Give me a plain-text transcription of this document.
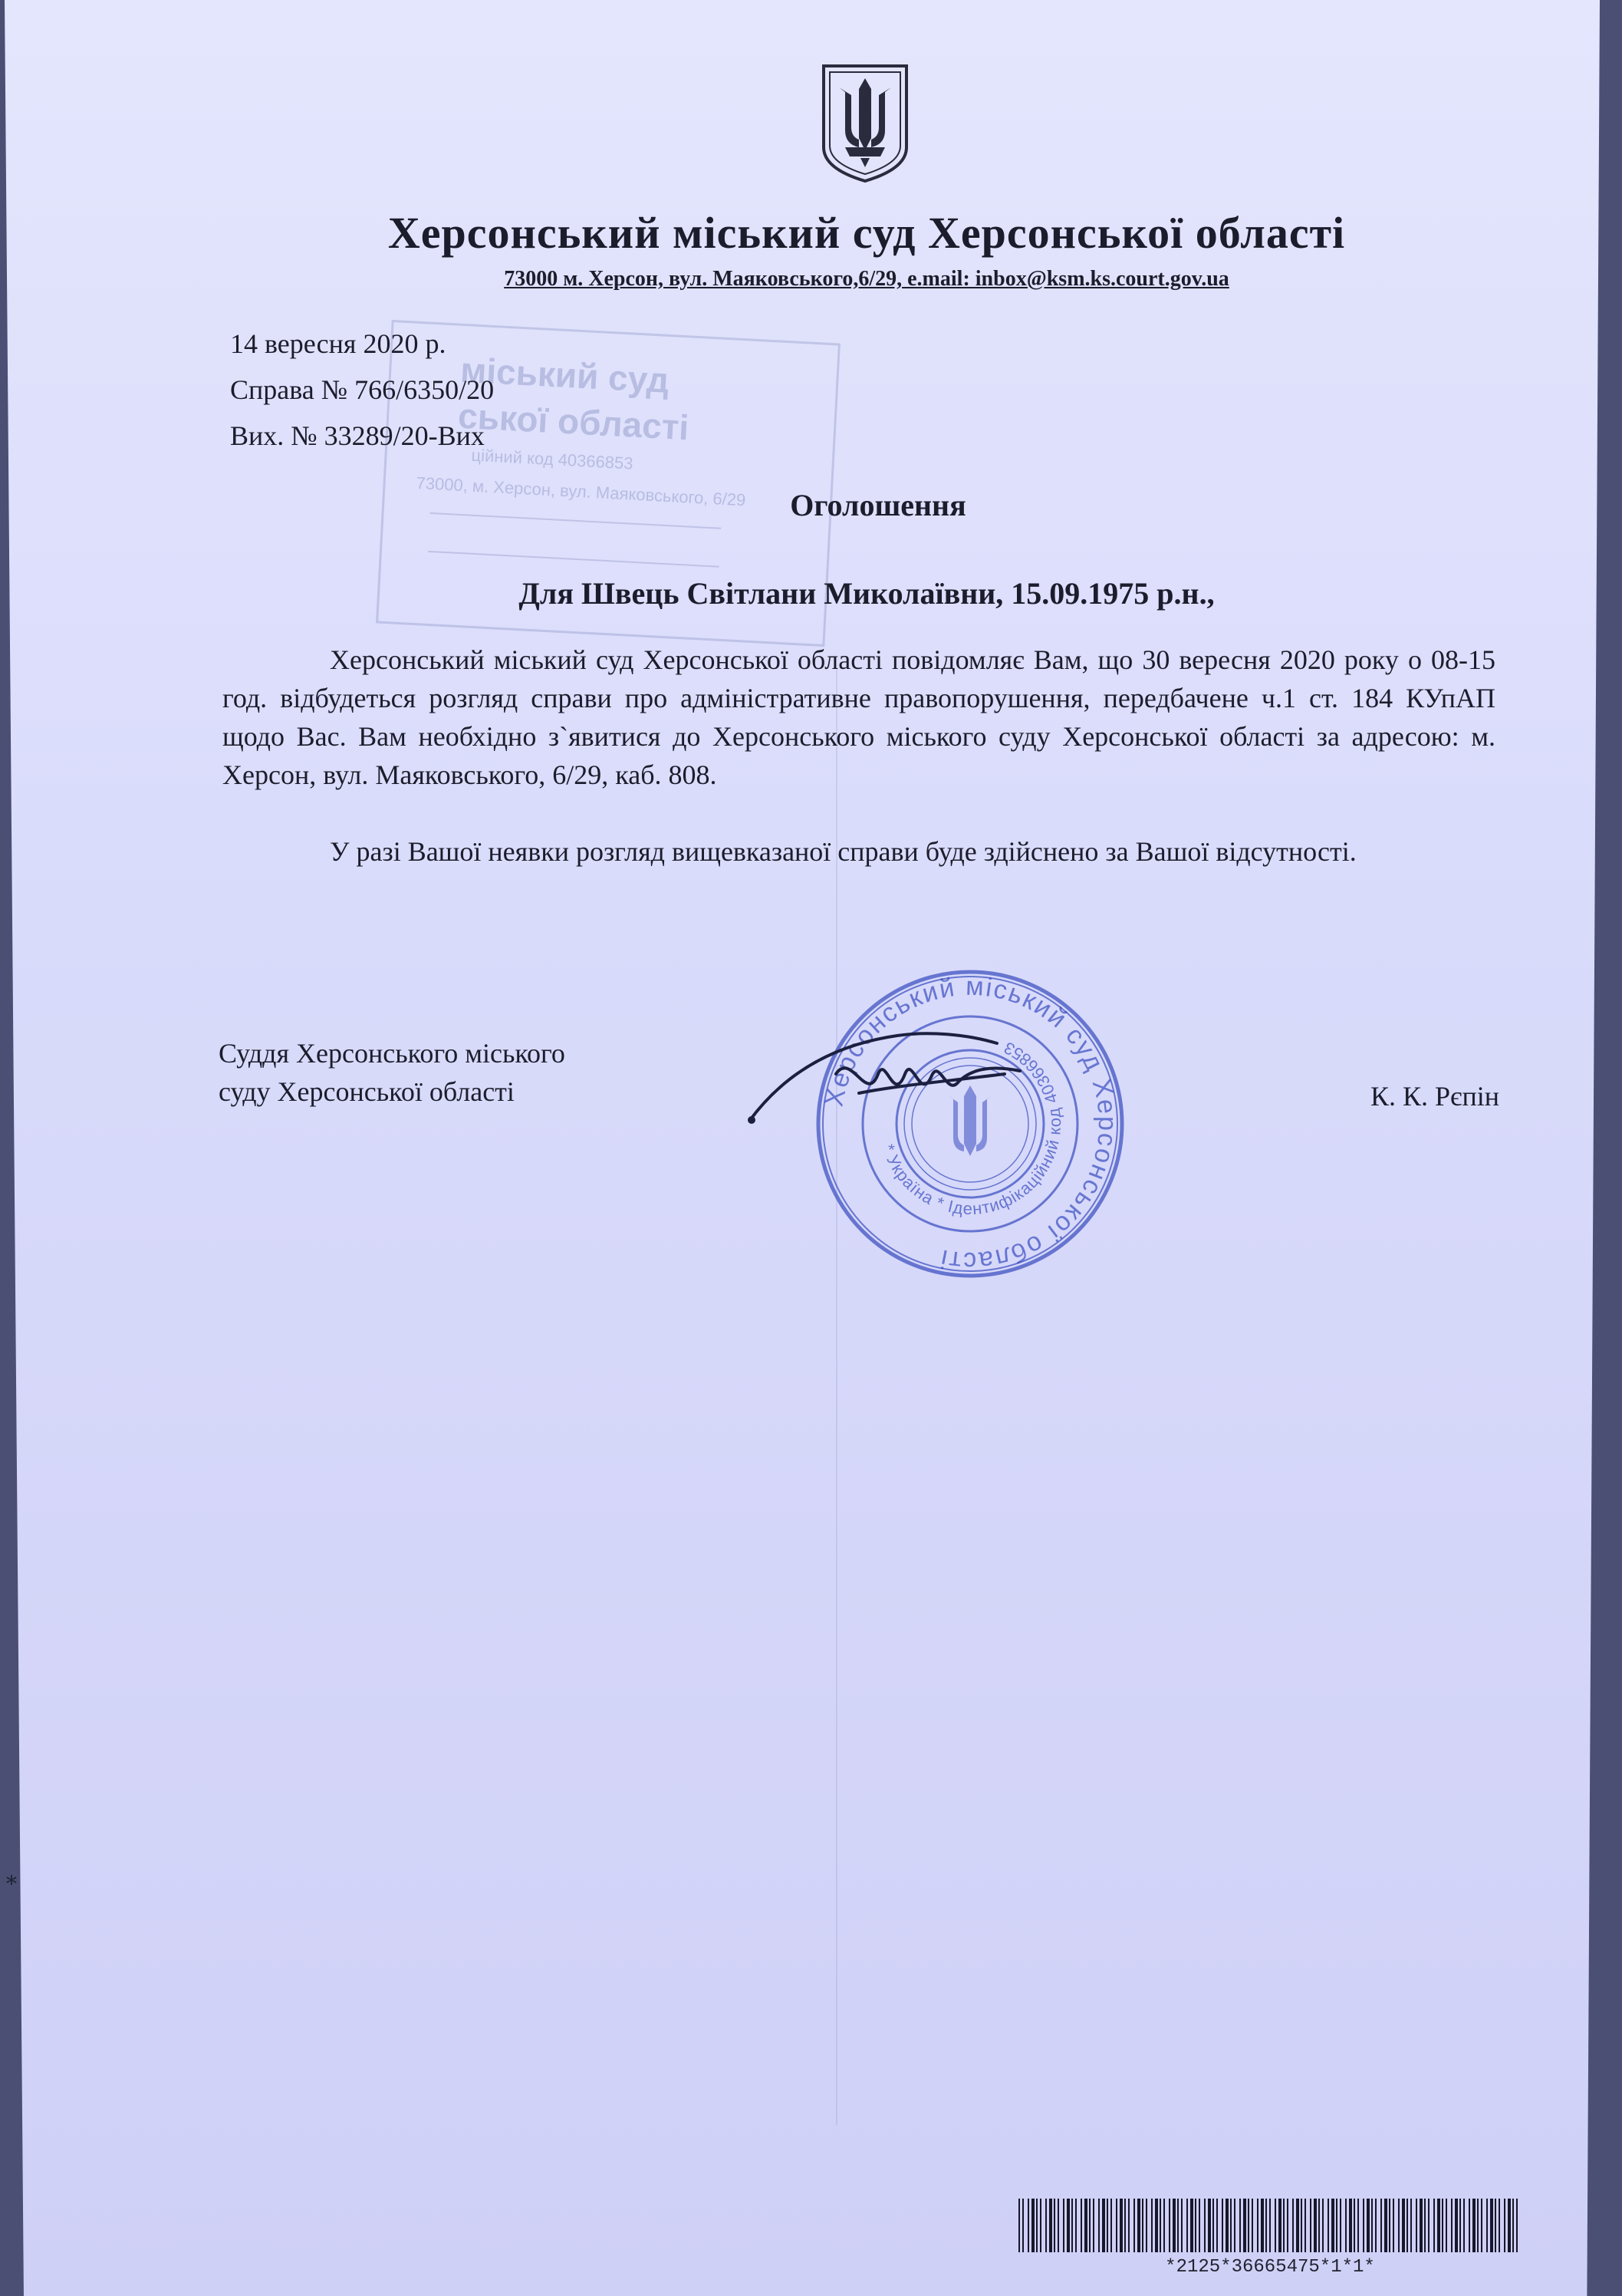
Херсонський міський суд Херсонської області
73000 м. Херсон, вул. Маяковського,6/29, e.mail: inbox@ksm.ks.court.gov.ua
міський суд
ської області
ційний код 40366853
73000, м. Херсон, вул. Маяковського, 6/29
14 вересня 2020 р.
Справа № 766/6350/20
Вих. № 33289/20-Вих
Оголошення
Для Швець Світлани Миколаївни, 15.09.1975 р.н.,
Херсонський міський суд Херсонської області повідомляє Вам, що 30 вересня 2020 року о 08-15 год. відбудеться розгляд справи про адміністративне правопорушення, передбачене ч.1 ст. 184 КУпАП щодо Вас. Вам необхідно з`явитися до Херсонського міського суду Херсонської області за адресою: м. Херсон, вул. Маяковського, 6/29, каб. 808.
У разі Вашої неявки розгляд вищевказаної справи буде здійснено за Вашої відсутності.
Суддя Херсонського міського
суду Херсонської області	Херсонський міський суд Херсонської області
* Україна * Ідентифікаційний код 40366853
К. К. Рєпін
*2125*36665475*1*1*
⁎
